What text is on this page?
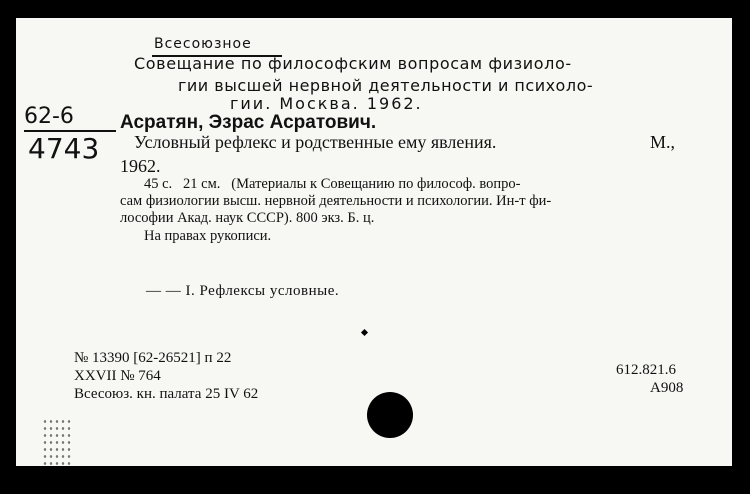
Всесоюзное
Совещание по философским вопросам физиоло-
гии высшей нервной деятельности и психоло-
гии. Москва. 1962.
62-6
4743
Асратян, Эзрас Асратович.
Условный рефлекс и родственные ему явления.	М.,
1962.
45 с.   21 см.   (Материалы к Совещанию по философ. вопро-
сам физиологии высш. нервной деятельности и психологии. Ин-т фи-
лософии Акад. наук СССР). 800 экз. Б. ц.
На правах рукописи.
— — I. Рефлексы условные.
№ 13390 [62-26521] п 22
XXVII № 764
Всесоюз. кн. палата 25 IV 62
612.821.6
А908
